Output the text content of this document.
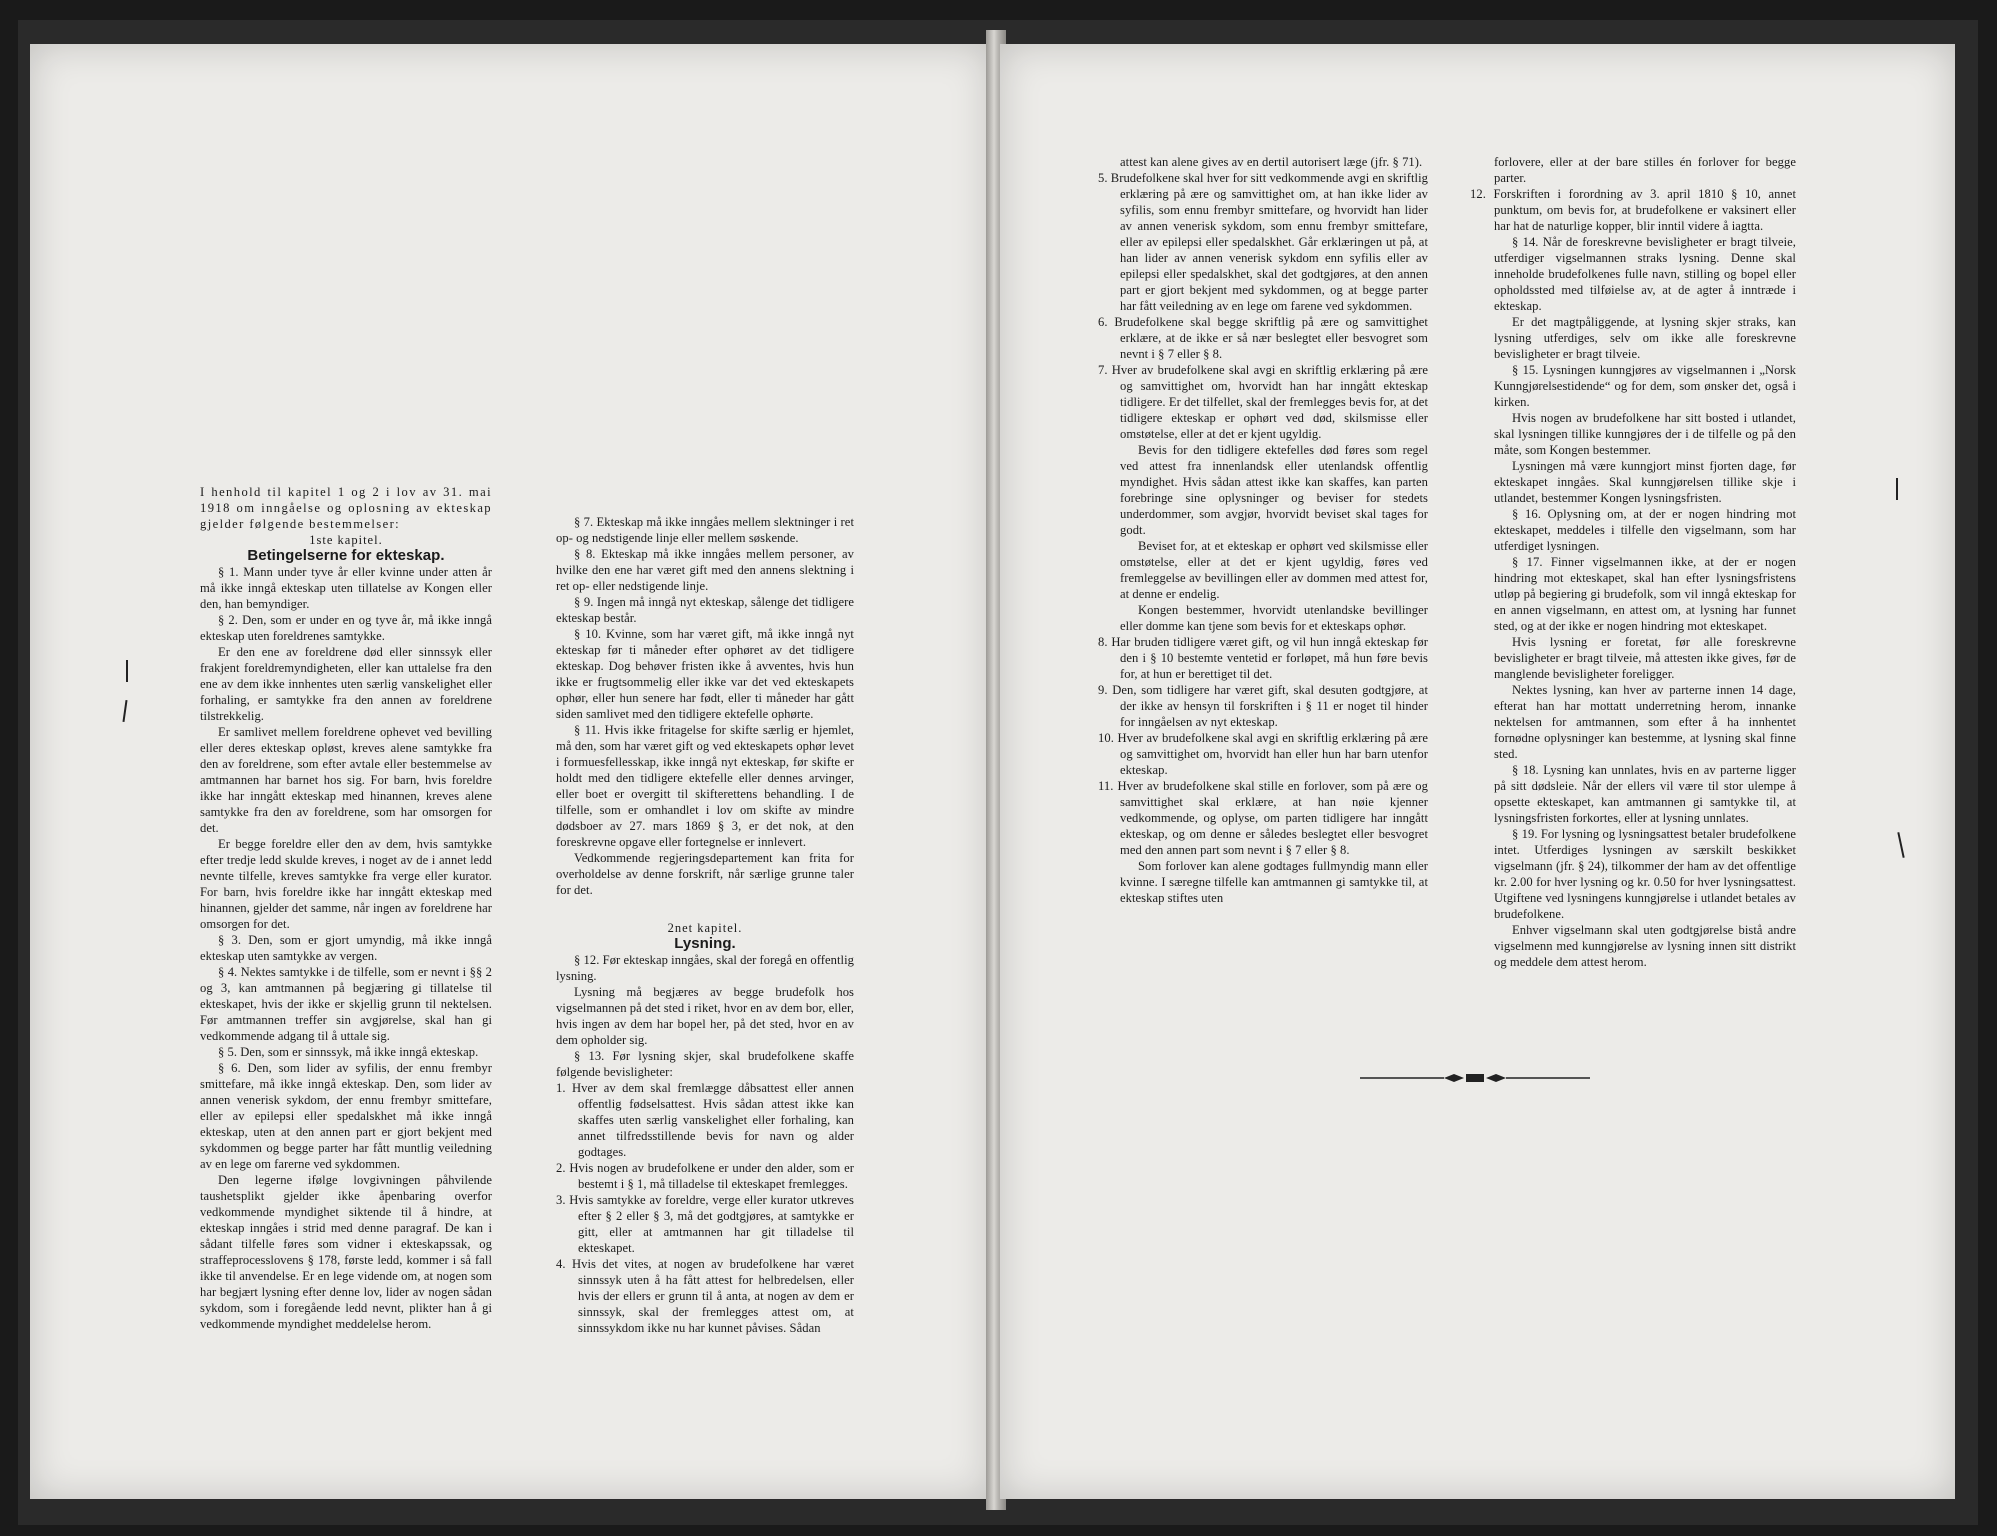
I henhold til kapitel 1 og 2 i lov av 31. mai 1918 om inngåelse og oplosning av ekteskap gjelder følgende bestemmelser:

1ste kapitel.

Betingelserne for ekteskap.

§ 1. Mann under tyve år eller kvinne under atten år må ikke inngå ekteskap uten tillatelse av Kongen eller den, han bemyndiger.

§ 2. Den, som er under en og tyve år, må ikke inngå ekteskap uten foreldrenes samtykke.

Er den ene av foreldrene død eller sinnssyk eller frakjent foreldremyndigheten, eller kan uttalelse fra den ene av dem ikke innhentes uten særlig vanskelighet eller forhaling, er samtykke fra den annen av foreldrene tilstrekkelig.

Er samlivet mellem foreldrene ophevet ved bevilling eller deres ekteskap opløst, kreves alene samtykke fra den av foreldrene, som efter avtale eller bestemmelse av amtmannen har barnet hos sig. For barn, hvis foreldre ikke har inngått ekteskap med hinannen, kreves alene samtykke fra den av foreldrene, som har omsorgen for det.

Er begge foreldre eller den av dem, hvis samtykke efter tredje ledd skulde kreves, i noget av de i annet ledd nevnte tilfelle, kreves samtykke fra verge eller kurator. For barn, hvis foreldre ikke har inngått ekteskap med hinannen, gjelder det samme, når ingen av foreldrene har omsorgen for det.

§ 3. Den, som er gjort umyndig, må ikke inngå ekteskap uten samtykke av vergen.

§ 4. Nektes samtykke i de tilfelle, som er nevnt i §§ 2 og 3, kan amtmannen på begjæring gi tillatelse til ekteskapet, hvis der ikke er skjellig grunn til nektelsen. Før amtmannen treffer sin avgjørelse, skal han gi vedkommende adgang til å uttale sig.

§ 5. Den, som er sinnssyk, må ikke inngå ekteskap.

§ 6. Den, som lider av syfilis, der ennu frembyr smittefare, må ikke inngå ekteskap. Den, som lider av annen venerisk sykdom, der ennu frembyr smittefare, eller av epilepsi eller spedalskhet må ikke inngå ekteskap, uten at den annen part er gjort bekjent med sykdommen og begge parter har fått muntlig veiledning av en lege om farerne ved sykdommen.

Den legerne ifølge lovgivningen påhvilende taushetsplikt gjelder ikke åpenbaring overfor vedkommende myndighet siktende til å hindre, at ekteskap inngåes i strid med denne paragraf. De kan i sådant tilfelle føres som vidner i ekteskapssak, og straffeprocesslovens § 178, første ledd, kommer i så fall ikke til anvendelse. Er en lege vidende om, at nogen som har begjært lysning efter denne lov, lider av nogen sådan sykdom, som i foregående ledd nevnt, plikter han å gi vedkommende myndighet meddelelse herom.

§ 7. Ekteskap må ikke inngåes mellem slektninger i ret op- og nedstigende linje eller mellem søskende.

§ 8. Ekteskap må ikke inngåes mellem personer, av hvilke den ene har været gift med den annens slektning i ret op- eller nedstigende linje.

§ 9. Ingen må inngå nyt ekteskap, sålenge det tidligere ekteskap består.

§ 10. Kvinne, som har været gift, må ikke inngå nyt ekteskap før ti måneder efter ophøret av det tidligere ekteskap. Dog behøver fristen ikke å avventes, hvis hun ikke er frugtsommelig eller ikke var det ved ekteskapets ophør, eller hun senere har født, eller ti måneder har gått siden samlivet med den tidligere ektefelle ophørte.

§ 11. Hvis ikke fritagelse for skifte særlig er hjemlet, må den, som har været gift og ved ekteskapets ophør levet i formuesfellesskap, ikke inngå nyt ekteskap, før skifte er holdt med den tidligere ektefelle eller dennes arvinger, eller boet er overgitt til skifterettens behandling. I de tilfelle, som er omhandlet i lov om skifte av mindre dødsboer av 27. mars 1869 § 3, er det nok, at den foreskrevne opgave eller fortegnelse er innlevert.

Vedkommende regjeringsdepartement kan frita for overholdelse av denne forskrift, når særlige grunne taler for det.

2net kapitel.

Lysning.

§ 12. Før ekteskap inngåes, skal der foregå en offentlig lysning.

Lysning må begjæres av begge brudefolk hos vigselmannen på det sted i riket, hvor en av dem bor, eller, hvis ingen av dem har bopel her, på det sted, hvor en av dem opholder sig.

§ 13. Før lysning skjer, skal brudefolkene skaffe følgende bevisligheter:

1. Hver av dem skal fremlægge dåbsattest eller annen offentlig fødselsattest. Hvis sådan attest ikke kan skaffes uten særlig vanskelighet eller forhaling, kan annet tilfredsstillende bevis for navn og alder godtages.

2. Hvis nogen av brudefolkene er under den alder, som er bestemt i § 1, må tilladelse til ekteskapet fremlegges.

3. Hvis samtykke av foreldre, verge eller kurator utkreves efter § 2 eller § 3, må det godtgjøres, at samtykke er gitt, eller at amtmannen har git tilladelse til ekteskapet.

4. Hvis det vites, at nogen av brudefolkene har været sinnssyk uten å ha fått attest for helbredelsen, eller hvis der ellers er grunn til å anta, at nogen av dem er sinnssyk, skal der fremlegges attest om, at sinnssykdom ikke nu har kunnet påvises. Sådan

attest kan alene gives av en dertil autorisert læge (jfr. § 71).

5. Brudefolkene skal hver for sitt vedkommende avgi en skriftlig erklæring på ære og samvittighet om, at han ikke lider av syfilis, som ennu frembyr smittefare, og hvorvidt han lider av annen venerisk sykdom, som ennu frembyr smittefare, eller av epilepsi eller spedalskhet. Går erklæringen ut på, at han lider av annen venerisk sykdom enn syfilis eller av epilepsi eller spedalskhet, skal det godtgjøres, at den annen part er gjort bekjent med sykdommen, og at begge parter har fått veiledning av en lege om farene ved sykdommen.

6. Brudefolkene skal begge skriftlig på ære og samvittighet erklære, at de ikke er så nær beslegtet eller besvogret som nevnt i § 7 eller § 8.

7. Hver av brudefolkene skal avgi en skriftlig erklæring på ære og samvittighet om, hvorvidt han har inngått ekteskap tidligere. Er det tilfellet, skal der fremlegges bevis for, at det tidligere ekteskap er ophørt ved død, skilsmisse eller omstøtelse, eller at det er kjent ugyldig.

Bevis for den tidligere ektefelles død føres som regel ved attest fra innenlandsk eller utenlandsk offentlig myndighet. Hvis sådan attest ikke kan skaffes, kan parten forebringe sine oplysninger og beviser for stedets underdommer, som avgjør, hvorvidt beviset skal tages for godt.

Beviset for, at et ekteskap er ophørt ved skilsmisse eller omstøtelse, eller at det er kjent ugyldig, føres ved fremleggelse av bevillingen eller av dommen med attest for, at denne er endelig.

Kongen bestemmer, hvorvidt utenlandske bevillinger eller domme kan tjene som bevis for et ekteskaps ophør.

8. Har bruden tidligere været gift, og vil hun inngå ekteskap før den i § 10 bestemte ventetid er forløpet, må hun føre bevis for, at hun er berettiget til det.

9. Den, som tidligere har været gift, skal desuten godtgjøre, at der ikke av hensyn til forskriften i § 11 er noget til hinder for inngåelsen av nyt ekteskap.

10. Hver av brudefolkene skal avgi en skriftlig erklæring på ære og samvittighet om, hvorvidt han eller hun har barn utenfor ekteskap.

11. Hver av brudefolkene skal stille en forlover, som på ære og samvittighet skal erklære, at han nøie kjenner vedkommende, og oplyse, om parten tidligere har inngått ekteskap, og om denne er således beslegtet eller besvogret med den annen part som nevnt i § 7 eller § 8.

Som forlover kan alene godtages fullmyndig mann eller kvinne. I særegne tilfelle kan amtmannen gi samtykke til, at ekteskap stiftes uten

forlovere, eller at der bare stilles én forlover for begge parter.

12. Forskriften i forordning av 3. april 1810 § 10, annet punktum, om bevis for, at brudefolkene er vaksinert eller har hat de naturlige kopper, blir inntil videre å iagtta.

§ 14. Når de foreskrevne bevisligheter er bragt tilveie, utferdiger vigselmannen straks lysning. Denne skal inneholde brudefolkenes fulle navn, stilling og bopel eller opholdssted med tilføielse av, at de agter å inntræde i ekteskap.

Er det magtpåliggende, at lysning skjer straks, kan lysning utferdiges, selv om ikke alle foreskrevne bevisligheter er bragt tilveie.

§ 15. Lysningen kunngjøres av vigselmannen i „Norsk Kunngjørelsestidende“ og for dem, som ønsker det, også i kirken.

Hvis nogen av brudefolkene har sitt bosted i utlandet, skal lysningen tillike kunngjøres der i de tilfelle og på den måte, som Kongen bestemmer.

Lysningen må være kunngjort minst fjorten dage, før ekteskapet inngåes. Skal kunngjørelsen tillike skje i utlandet, bestemmer Kongen lysningsfristen.

§ 16. Oplysning om, at der er nogen hindring mot ekteskapet, meddeles i tilfelle den vigselmann, som har utferdiget lysningen.

§ 17. Finner vigselmannen ikke, at der er nogen hindring mot ekteskapet, skal han efter lysningsfristens utløp på begiering gi brudefolk, som vil inngå ekteskap for en annen vigselmann, en attest om, at lysning har funnet sted, og at der ikke er nogen hindring mot ekteskapet.

Hvis lysning er foretat, før alle foreskrevne bevisligheter er bragt tilveie, må attesten ikke gives, før de manglende bevisligheter foreligger.

Nektes lysning, kan hver av parterne innen 14 dage, efterat han har mottatt underretning herom, innanke nektelsen for amtmannen, som efter å ha innhentet fornødne oplysninger kan bestemme, at lysning skal finne sted.

§ 18. Lysning kan unnlates, hvis en av parterne ligger på sitt dødsleie. Når der ellers vil være til stor ulempe å opsette ekteskapet, kan amtmannen gi samtykke til, at lysningsfristen forkortes, eller at lysning unnlates.

§ 19. For lysning og lysningsattest betaler brudefolkene intet. Utferdiges lysningen av særskilt beskikket vigselmann (jfr. § 24), tilkommer der ham av det offentlige kr. 2.00 for hver lysning og kr. 0.50 for hver lysningsattest. Utgiftene ved lysningens kunngjørelse i utlandet betales av brudefolkene.

Enhver vigselmann skal uten godtgjørelse bistå andre vigselmenn med kunngjørelse av lysning innen sitt distrikt og meddele dem attest herom.
